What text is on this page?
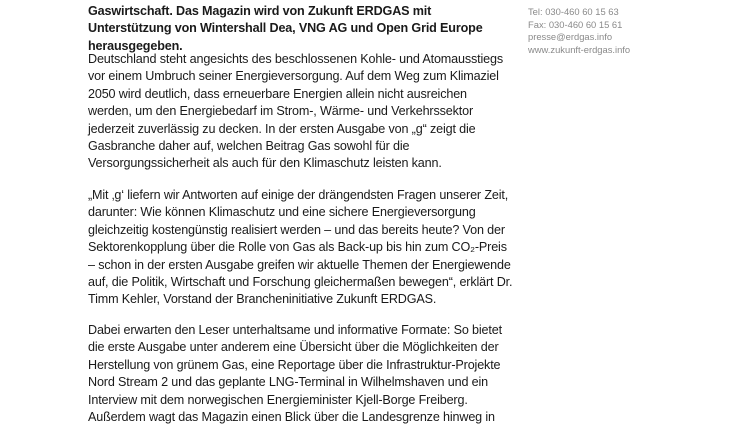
Gaswirtschaft. Das Magazin wird von Zukunft ERDGAS mit Unterstützung von Wintershall Dea, VNG AG und Open Grid Europe herausgegeben.

Deutschland steht angesichts des beschlossenen Kohle- und Atomausstiegs vor einem Umbruch seiner Energieversorgung. Auf dem Weg zum Klimaziel 2050 wird deutlich, dass erneuerbare Energien allein nicht ausreichen werden, um den Energiebedarf im Strom-, Wärme- und Verkehrssektor jederzeit zuverlässig zu decken. In der ersten Ausgabe von „g“ zeigt die Gasbranche daher auf, welchen Beitrag Gas sowohl für die Versorgungssicherheit als auch für den Klimaschutz leisten kann.

„Mit ‚g‘ liefern wir Antworten auf einige der drängendsten Fragen unserer Zeit, darunter: Wie können Klimaschutz und eine sichere Energieversorgung gleichzeitig kostengünstig realisiert werden – und das bereits heute? Von der Sektorenkopplung über die Rolle von Gas als Back-up bis hin zum CO₂-Preis – schon in der ersten Ausgabe greifen wir aktuelle Themen der Energiewende auf, die Politik, Wirtschaft und Forschung gleichermaßen bewegen“, erklärt Dr. Timm Kehler, Vorstand der Brancheninitiative Zukunft ERDGAS.

Dabei erwarten den Leser unterhaltsame und informative Formate: So bietet die erste Ausgabe unter anderem eine Übersicht über die Möglichkeiten der Herstellung von grünem Gas, eine Reportage über die Infrastruktur-Projekte Nord Stream 2 und das geplante LNG-Terminal in Wilhelmshaven und ein Interview mit dem norwegischen Energieminister Kjell-Borge Freiberg. Außerdem wagt das Magazin einen Blick über die Landesgrenze hinweg in

Tel: 030-460 60 15 63
Fax: 030-460 60 15 61
presse@erdgas.info
www.zukunft-erdgas.info
